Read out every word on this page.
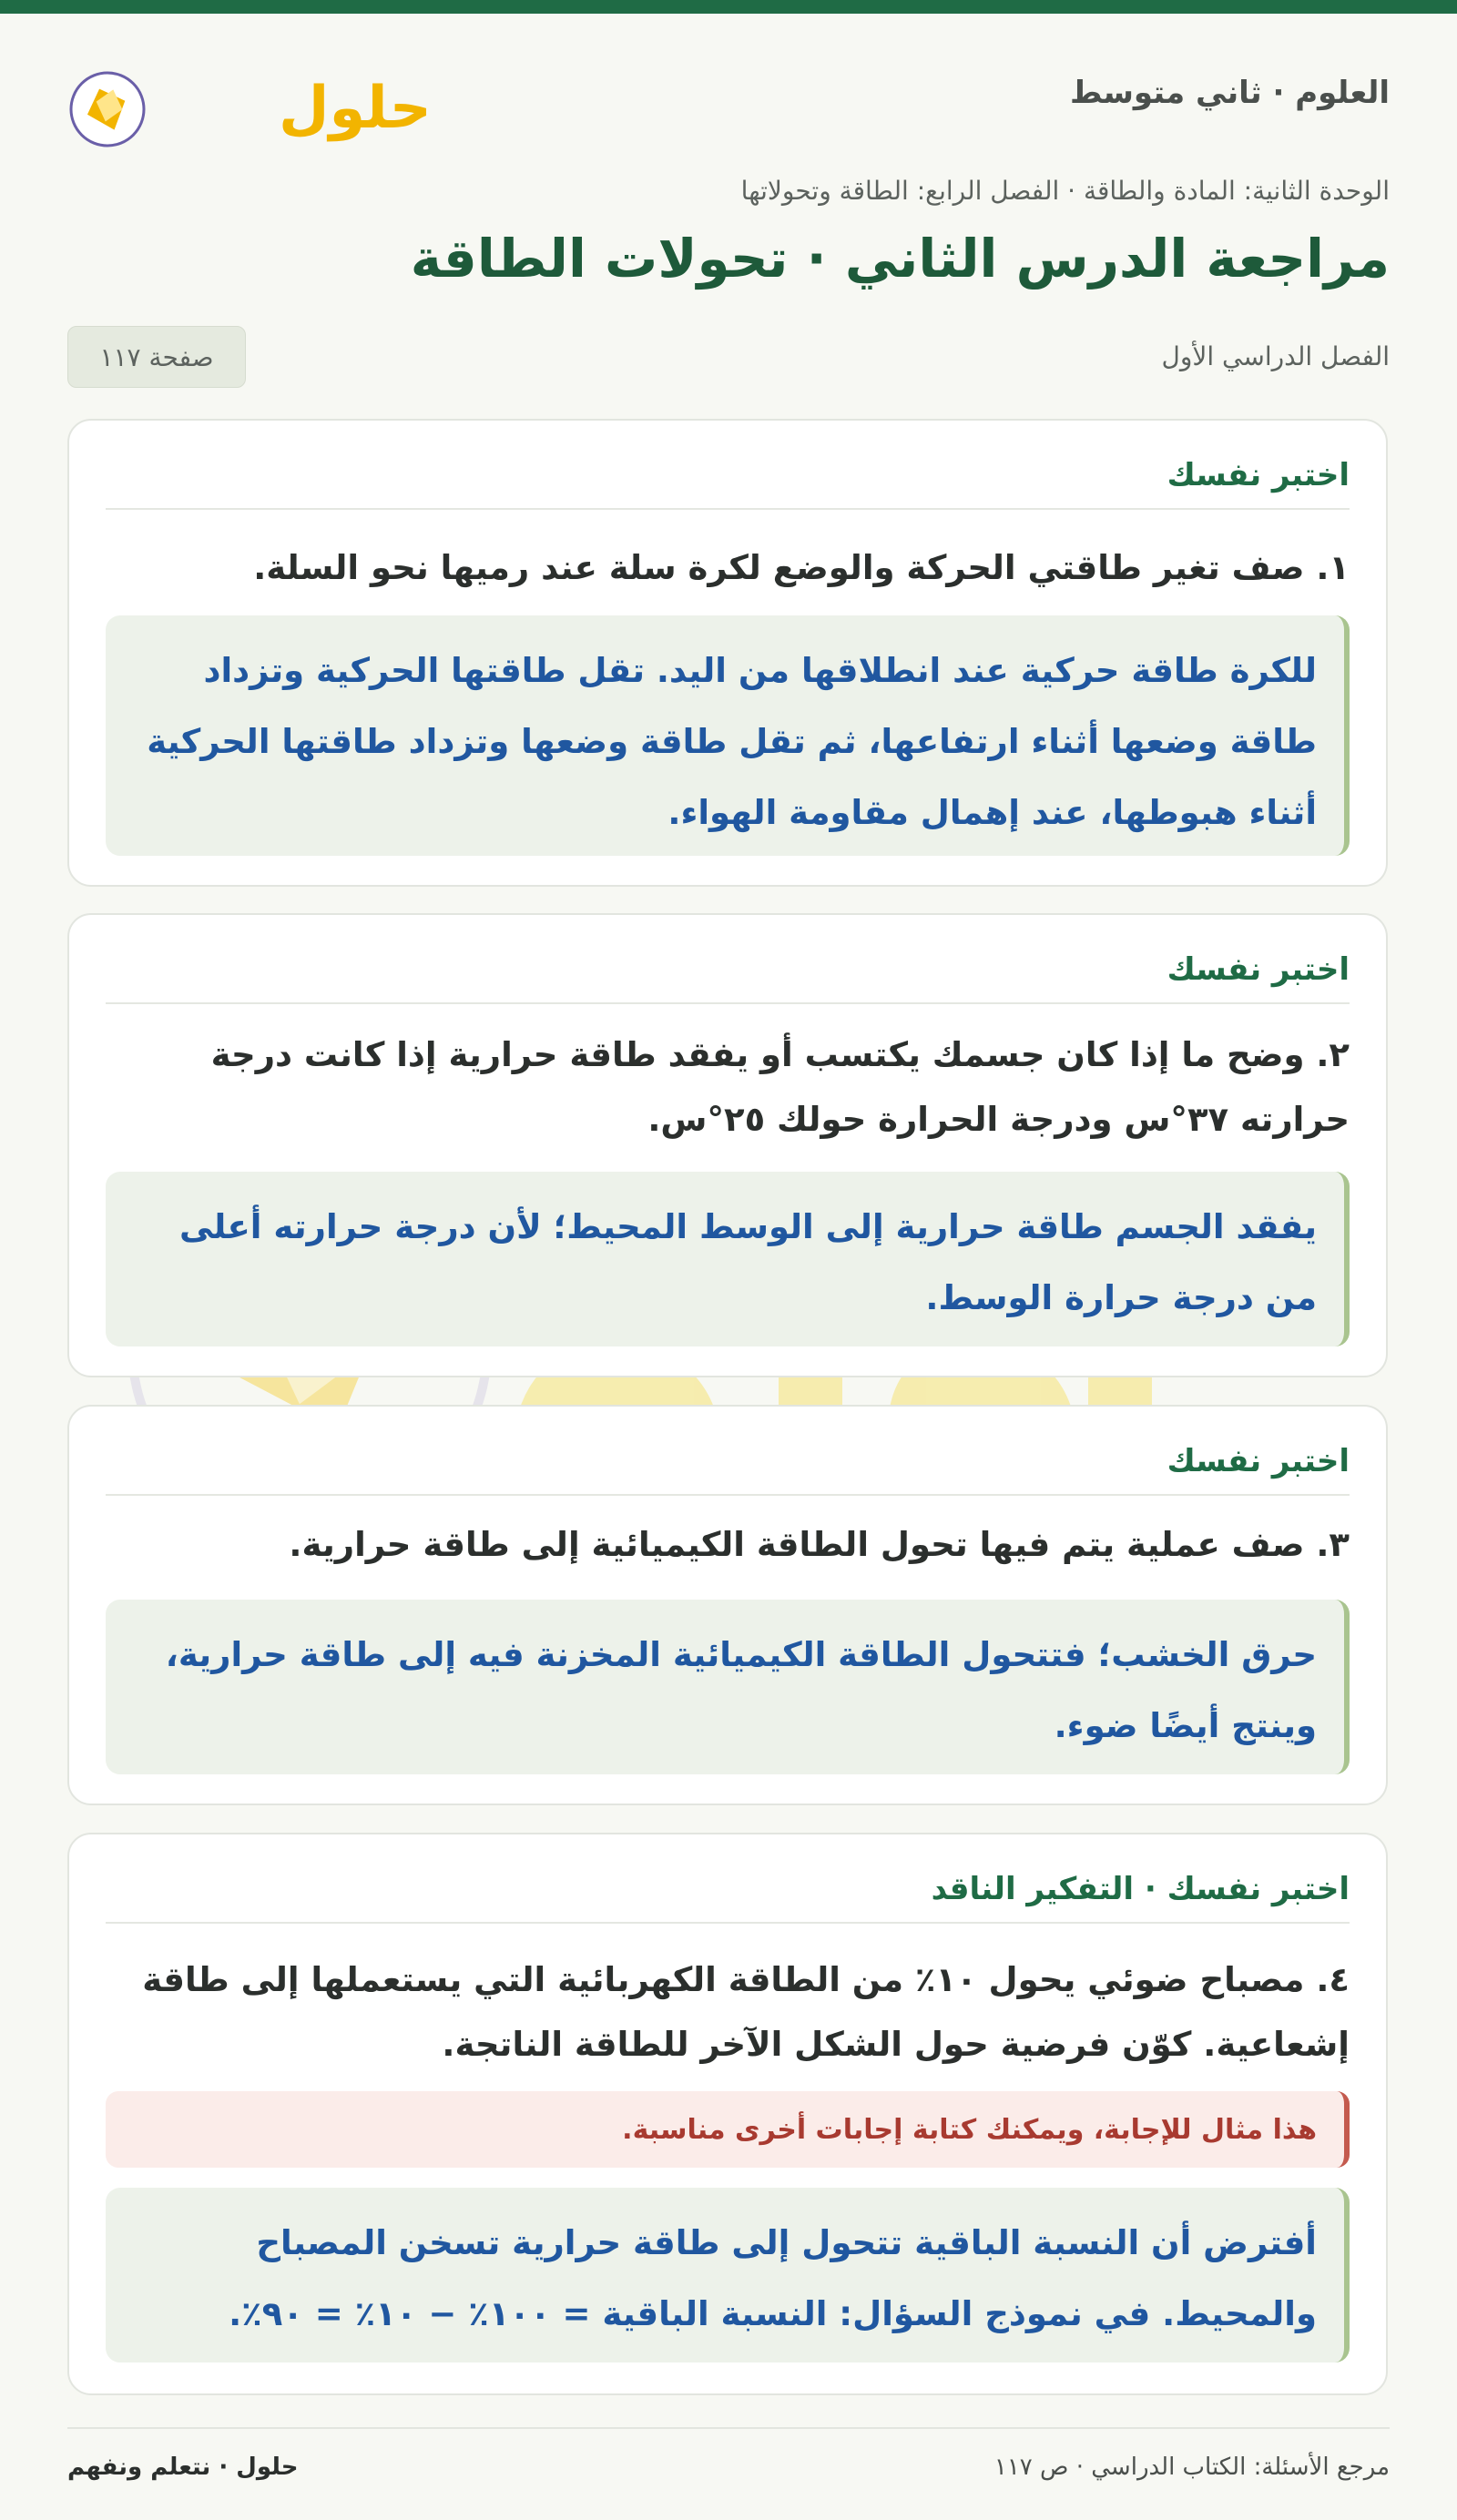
العلوم · ثاني متوسط
حلول
الوحدة الثانية: المادة والطاقة · الفصل الرابع: الطاقة وتحولاتها
مراجعة الدرس الثاني · تحولات الطاقة
الفصل الدراسي الأول
صفحة ١١٧
اختبر نفسك
١. صف تغير طاقتي الحركة والوضع لكرة سلة عند رميها نحو السلة.
للكرة طاقة حركية عند انطلاقها من اليد. تقل طاقتها الحركية وتزداد طاقة وضعها أثناء ارتفاعها، ثم تقل طاقة وضعها وتزداد طاقتها الحركية أثناء هبوطها، عند إهمال مقاومة الهواء.
اختبر نفسك
٢. وضح ما إذا كان جسمك يكتسب أو يفقد طاقة حرارية إذا كانت درجة حرارته ٣٧°س ودرجة الحرارة حولك ٢٥°س.
يفقد الجسم طاقة حرارية إلى الوسط المحيط؛ لأن درجة حرارته أعلى من درجة حرارة الوسط.
اختبر نفسك
٣. صف عملية يتم فيها تحول الطاقة الكيميائية إلى طاقة حرارية.
حرق الخشب؛ فتتحول الطاقة الكيميائية المخزنة فيه إلى طاقة حرارية، وينتج أيضًا ضوء.
اختبر نفسك · التفكير الناقد
٤. مصباح ضوئي يحول ١٠٪ من الطاقة الكهربائية التي يستعملها إلى طاقة إشعاعية. كوّن فرضية حول الشكل الآخر للطاقة الناتجة.
هذا مثال للإجابة، ويمكنك كتابة إجابات أخرى مناسبة.
أفترض أن النسبة الباقية تتحول إلى طاقة حرارية تسخن المصباح والمحيط. في نموذج السؤال: النسبة الباقية = ١٠٠٪ − ١٠٪ = ٩٠٪.
مرجع الأسئلة: الكتاب الدراسي · ص ١١٧
حلول · نتعلم ونفهم
